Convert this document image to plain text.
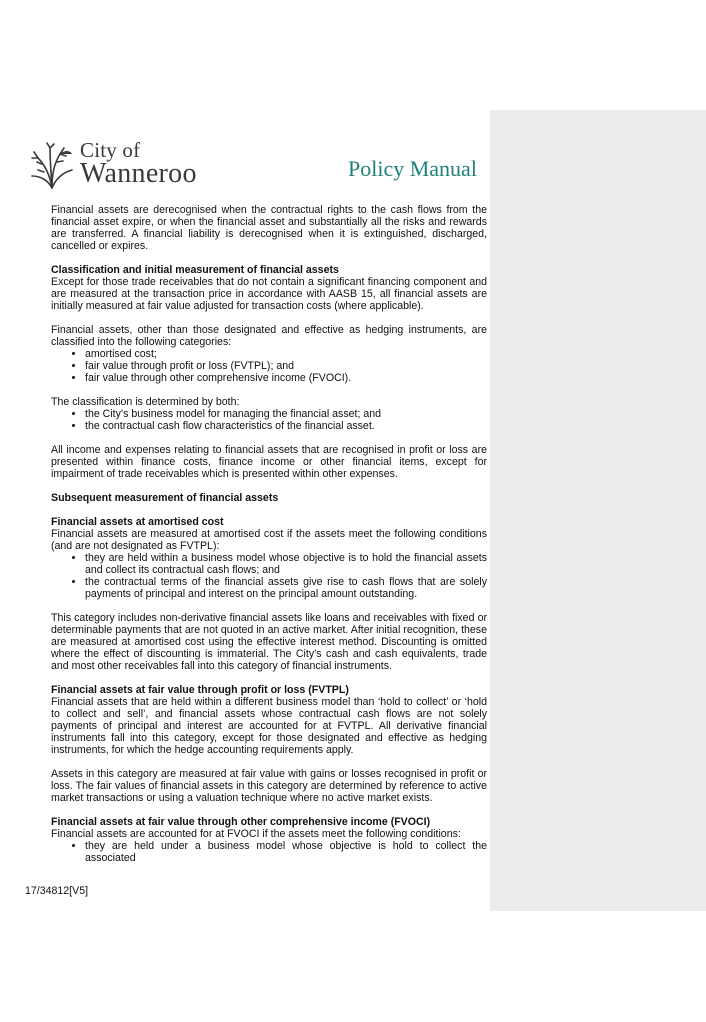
City of
Wanneroo	Policy Manual

Financial assets are derecognised when the contractual rights to the cash flows from the financial asset expire, or when the financial asset and substantially all the risks and rewards are transferred. A financial liability is derecognised when it is extinguished, discharged, cancelled or expires.

Classification and initial measurement of financial assets

Except for those trade receivables that do not contain a significant financing component and are measured at the transaction price in accordance with AASB 15, all financial assets are initially measured at fair value adjusted for transaction costs (where applicable).

Financial assets, other than those designated and effective as hedging instruments, are classified into the following categories:

• amortised cost;
• fair value through profit or loss (FVTPL); and
• fair value through other comprehensive income (FVOCI).

The classification is determined by both:

• the City’s business model for managing the financial asset; and
• the contractual cash flow characteristics of the financial asset.

All income and expenses relating to financial assets that are recognised in profit or loss are presented within finance costs, finance income or other financial items, except for impairment of trade receivables which is presented within other expenses.

Subsequent measurement of financial assets
Financial assets at amortised cost

Financial assets are measured at amortised cost if the assets meet the following conditions (and are not designated as FVTPL):

• they are held within a business model whose objective is to hold the financial assets and collect its contractual cash flows; and
• the contractual terms of the financial assets give rise to cash flows that are solely payments of principal and interest on the principal amount outstanding.

This category includes non-derivative financial assets like loans and receivables with fixed or determinable payments that are not quoted in an active market. After initial recognition, these are measured at amortised cost using the effective interest method. Discounting is omitted where the effect of discounting is immaterial. The City’s cash and cash equivalents, trade and most other receivables fall into this category of financial instruments.

Financial assets at fair value through profit or loss (FVTPL)

Financial assets that are held within a different business model than ‘hold to collect’ or ‘hold to collect and sell’, and financial assets whose contractual cash flows are not solely payments of principal and interest are accounted for at FVTPL. All derivative financial instruments fall into this category, except for those designated and effective as hedging instruments, for which the hedge accounting requirements apply.

Assets in this category are measured at fair value with gains or losses recognised in profit or loss. The fair values of financial assets in this category are determined by reference to active market transactions or using a valuation technique where no active market exists.

Financial assets at fair value through other comprehensive income (FVOCI)

Financial assets are accounted for at FVOCI if the assets meet the following conditions:

• they are held under a business model whose objective is hold to collect the associated
17/34812[V5]
